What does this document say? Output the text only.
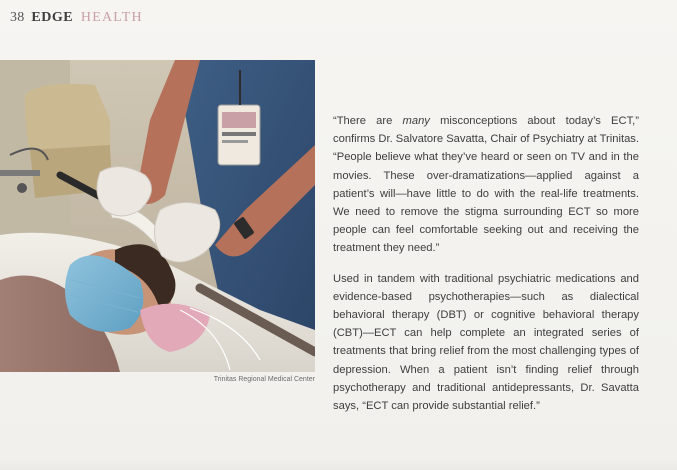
38 EDGE HEALTH
Trinitas Regional Medical Center

“There are many misconceptions about today’s ECT,” confirms Dr. Salvatore Savatta, Chair of Psychiatry at Trinitas. “People believe what they’ve heard or seen on TV and in the movies. These over-dramatizations—applied against a patient’s will—have little to do with the real-life treatments. We need to remove the stigma surrounding ECT so more people can feel comfortable seeking out and receiving the treatment they need.”

Used in tandem with traditional psychiatric medications and evidence-based psychotherapies—such as dialectical behavioral therapy (DBT) or cognitive behavioral therapy (CBT)—ECT can help complete an integrated series of treatments that bring relief from the most challenging types of depression. When a patient isn’t finding relief through psychotherapy and traditional antidepressants, Dr. Savatta says, “ECT can provide substantial relief.”
